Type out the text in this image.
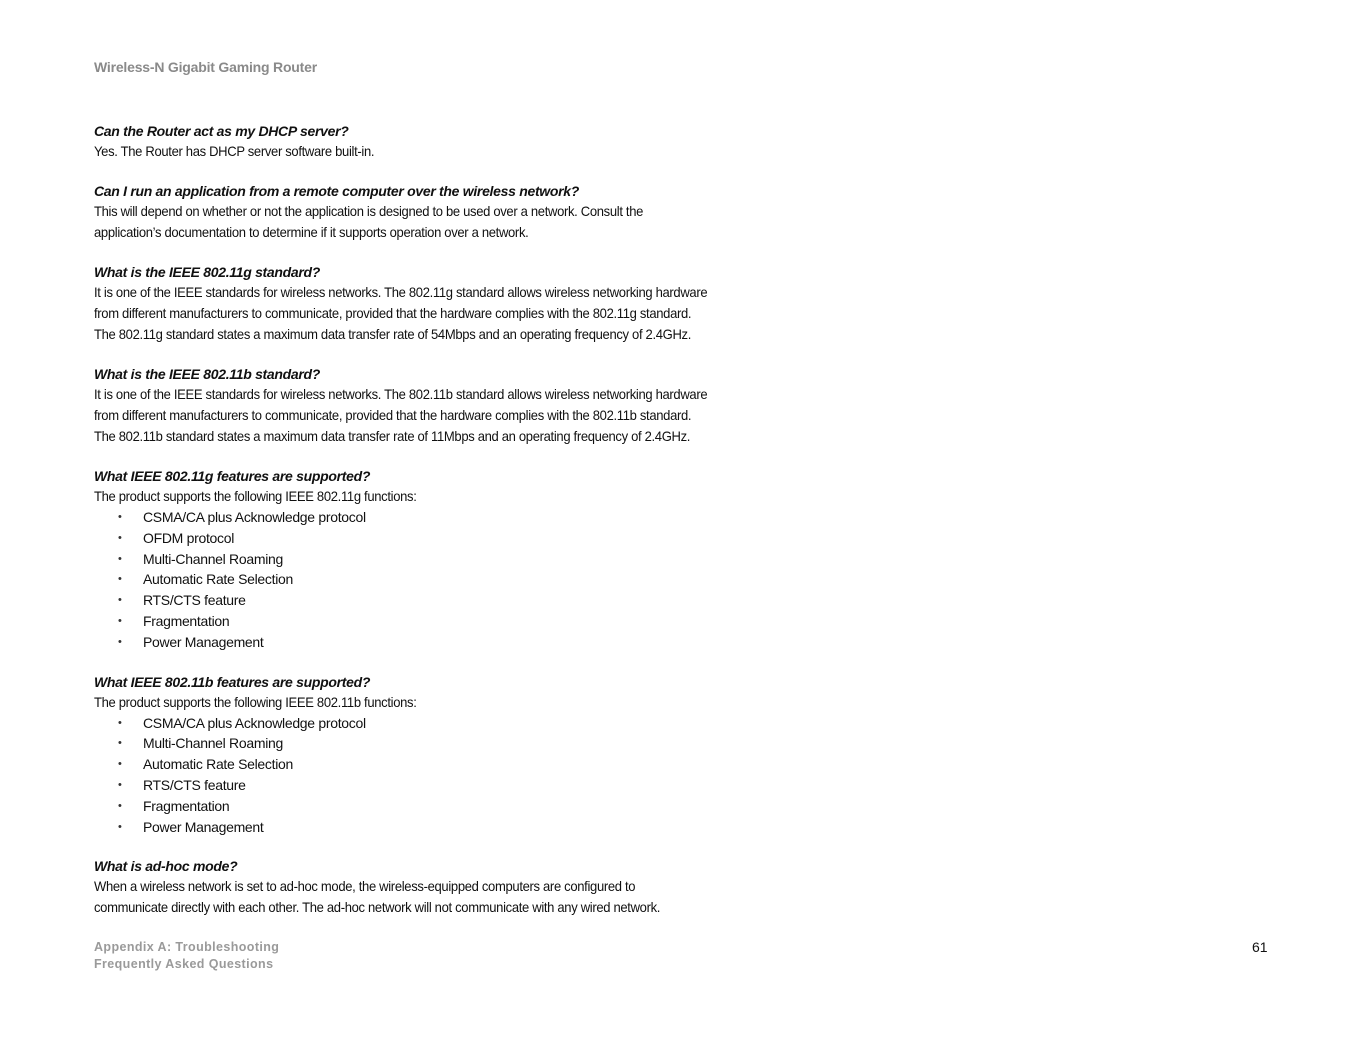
Wireless-N Gigabit Gaming Router
Can the Router act as my DHCP server?
Yes. The Router has DHCP server software built-in.
Can I run an application from a remote computer over the wireless network?
This will depend on whether or not the application is designed to be used over a network. Consult the
application’s documentation to determine if it supports operation over a network.
What is the IEEE 802.11g standard?
It is one of the IEEE standards for wireless networks. The 802.11g standard allows wireless networking hardware
from different manufacturers to communicate, provided that the hardware complies with the 802.11g standard.
The 802.11g standard states a maximum data transfer rate of 54Mbps and an operating frequency of 2.4GHz.
What is the IEEE 802.11b standard?
It is one of the IEEE standards for wireless networks. The 802.11b standard allows wireless networking hardware
from different manufacturers to communicate, provided that the hardware complies with the 802.11b standard.
The 802.11b standard states a maximum data transfer rate of 11Mbps and an operating frequency of 2.4GHz.
What IEEE 802.11g features are supported?
The product supports the following IEEE 802.11g functions:
• CSMA/CA plus Acknowledge protocol
• OFDM protocol
• Multi-Channel Roaming
• Automatic Rate Selection
• RTS/CTS feature
• Fragmentation
• Power Management
What IEEE 802.11b features are supported?
The product supports the following IEEE 802.11b functions:
• CSMA/CA plus Acknowledge protocol
• Multi-Channel Roaming
• Automatic Rate Selection
• RTS/CTS feature
• Fragmentation
• Power Management
What is ad-hoc mode?
When a wireless network is set to ad-hoc mode, the wireless-equipped computers are configured to
communicate directly with each other. The ad-hoc network will not communicate with any wired network.
Appendix A: Troubleshooting
Frequently Asked Questions
61
